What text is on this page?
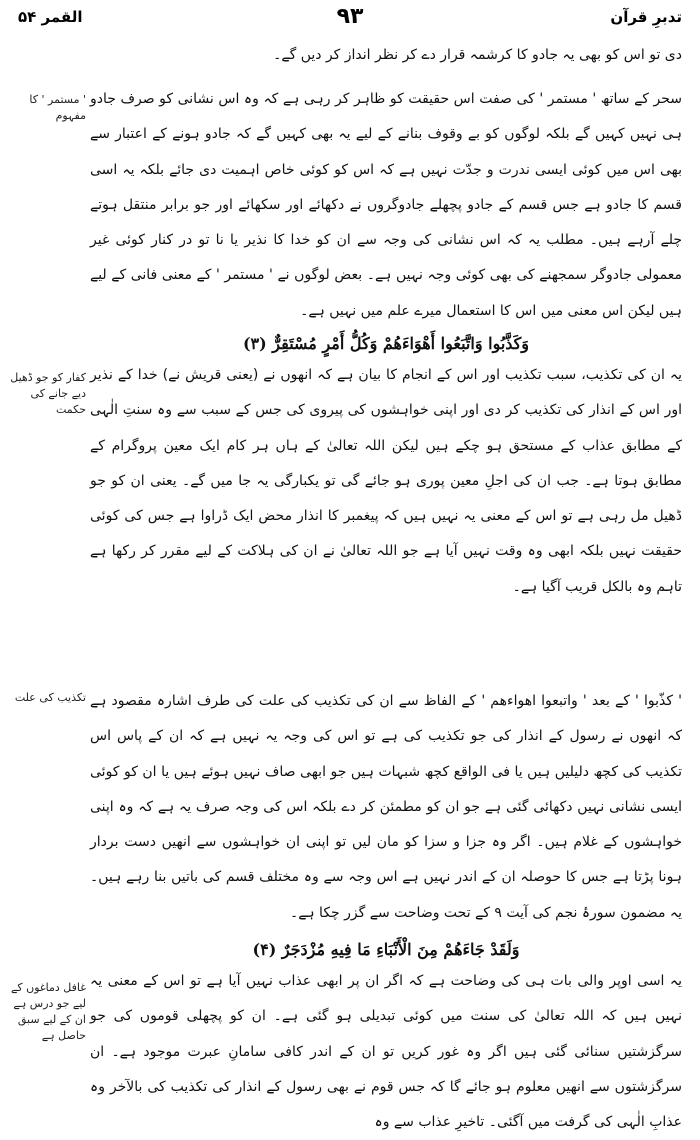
القمر ۵۴	۹۳	تدبرِ قرآن
دی تو اس کو بھی یہ جادو کا کرشمہ قرار دے کر نظر انداز کر دیں گے۔
سحر کے ساتھ ' مستمر ' کی صفت اس حقیقت کو ظاہر کر رہی ہے کہ وہ اس نشانی کو صرف جادو ہی نہیں کہیں گے بلکہ لوگوں کو بے وقوف بنانے کے لیے یہ بھی کہیں گے کہ جادو ہونے کے اعتبار سے بھی اس میں کوئی ایسی ندرت و جدّت نہیں ہے کہ اس کو کوئی خاص اہمیت دی جائے بلکہ یہ اسی قسم کا جادو ہے جس قسم کے جادو پچھلے جادوگروں نے دکھائے اور سکھائے اور جو برابر منتقل ہوتے چلے آرہے ہیں۔ مطلب یہ کہ اس نشانی کی وجہ سے ان کو خدا کا نذیر یا نا تو در کنار کوئی غیر معمولی جادوگر سمجھنے کی بھی کوئی وجہ نہیں ہے۔ بعض لوگوں نے ' مستمر ' کے معنی فانی کے لیے ہیں لیکن اس معنی میں اس کا استعمال میرے علم میں نہیں ہے۔
وَكَذَّبُوا وَاتَّبَعُوا أَهْوَاءَهُمْ وَكُلُّ أَمْرٍ مُسْتَقِرٌّ (۳)
یہ ان کی تکذیب، سبب تکذیب اور اس کے انجام کا بیان ہے کہ انھوں نے (یعنی قریش نے) خدا کے نذیر اور اس کے انذار کی تکذیب کر دی اور اپنی خواہشوں کی پیروی کی جس کے سبب سے وہ سنتِ الٰہی کے مطابق عذاب کے مستحق ہو چکے ہیں لیکن اللہ تعالیٰ کے ہاں ہر کام ایک معین پروگرام کے مطابق ہوتا ہے۔ جب ان کی اجلِ معین پوری ہو جائے گی تو یکبارگی یہ جا میں گے۔ یعنی ان کو جو ڈھیل مل رہی ہے تو اس کے معنی یہ نہیں ہیں کہ پیغمبر کا انذار محض ایک ڈراوا ہے جس کی کوئی حقیقت نہیں بلکہ ابھی وہ وقت نہیں آیا ہے جو اللہ تعالیٰ نے ان کی ہلاکت کے لیے مقرر کر رکھا ہے تاہم وہ بالکل قریب آگیا ہے۔
' کذّبوا ' کے بعد ' واتبعوا اھواءھم ' کے الفاظ سے ان کی تکذیب کی علت کی طرف اشارہ مقصود ہے کہ انھوں نے رسول کے انذار کی جو تکذیب کی ہے تو اس کی وجہ یہ نہیں ہے کہ ان کے پاس اس تکذیب کی کچھ دلیلیں ہیں یا فی الواقع کچھ شبہات ہیں جو ابھی صاف نہیں ہوئے ہیں یا ان کو کوئی ایسی نشانی نہیں دکھائی گئی ہے جو ان کو مطمئن کر دے بلکہ اس کی وجہ صرف یہ ہے کہ وہ اپنی خواہشوں کے غلام ہیں۔ اگر وہ جزا و سزا کو مان لیں تو اپنی ان خواہشوں سے انھیں دست بردار ہونا پڑتا ہے جس کا حوصلہ ان کے اندر نہیں ہے اس وجہ سے وہ مختلف قسم کی باتیں بنا رہے ہیں۔ یہ مضمون سورۂ نجم کی آیت ۹ کے تحت وضاحت سے گزر چکا ہے۔
وَلَقَدْ جَاءَهُمْ مِنَ الْأَنْبَاءِ مَا فِيهِ مُزْدَجَرٌ (۴)
یہ اسی اوپر والی بات ہی کی وضاحت ہے کہ اگر ان پر ابھی عذاب نہیں آیا ہے تو اس کے معنی یہ نہیں ہیں کہ اللہ تعالیٰ کی سنت میں کوئی تبدیلی ہو گئی ہے۔ ان کو پچھلی قوموں کی جو سرگزشتیں سنائی گئی ہیں اگر وہ غور کریں تو ان کے اندر کافی سامانِ عبرت موجود ہے۔ ان سرگزشتوں سے انھیں معلوم ہو جائے گا کہ جس قوم نے بھی رسول کے انذار کی تکذیب کی بالآخر وہ عذابِ الٰہی کی گرفت میں آگئی۔ تاخیرِ عذاب سے وہ
' مستمر ' کا مفہوم
کفار کو جو ڈھیل دیے جانے کی حکمت
تکذیب کی علت
غافل دماغوں کے لیے جو درس ہے ان کے لیے سبق حاصل ہے
